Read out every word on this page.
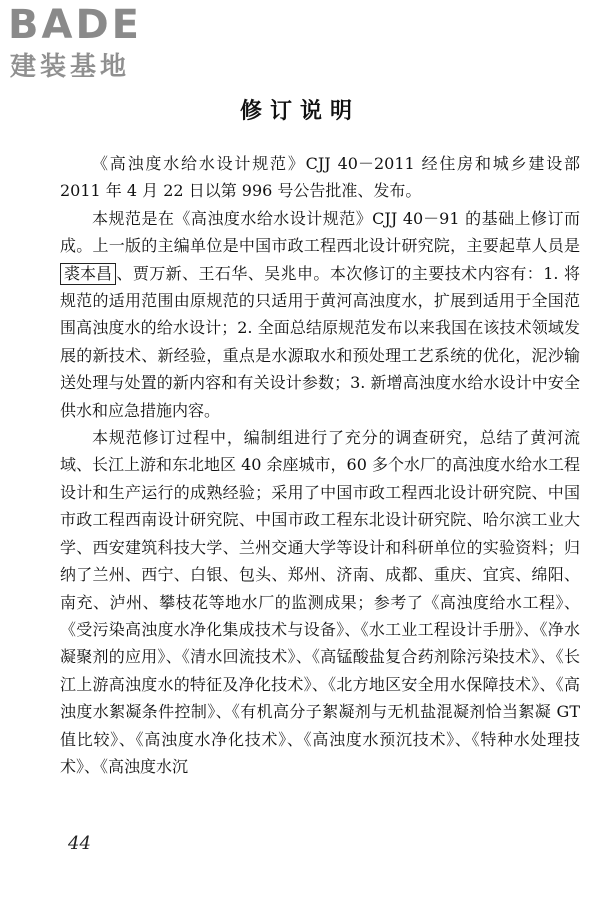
BADE
建装基地
修订说明

《高浊度水给水设计规范》CJJ 40－2011 经住房和城乡建设部 2011 年 4 月 22 日以第 996 号公告批准、发布。

本规范是在《高浊度水给水设计规范》CJJ 40－91 的基础上修订而成。上一版的主编单位是中国市政工程西北设计研究院，主要起草人员是裘本昌 、贾万新、王石华、吴兆申。本次修订的主要技术内容有：1. 将规范的适用范围由原规范的只适用于黄河高浊度水，扩展到适用于全国范围高浊度水的给水设计；2. 全面总结原规范发布以来我国在该技术领域发展的新技术、新经验，重点是水源取水和预处理工艺系统的优化，泥沙输送处理与处置的新内容和有关设计参数；3. 新增高浊度水给水设计中安全供水和应急措施内容。

本规范修订过程中，编制组进行了充分的调查研究，总结了黄河流域、长江上游和东北地区 40 余座城市，60 多个水厂的高浊度水给水工程设计和生产运行的成熟经验；采用了中国市政工程西北设计研究院、中国市政工程西南设计研究院、中国市政工程东北设计研究院、哈尔滨工业大学、西安建筑科技大学、兰州交通大学等设计和科研单位的实验资料；归纳了兰州、西宁、白银、包头、郑州、济南、成都、重庆、宜宾、绵阳、南充、泸州、攀枝花等地水厂的监测成果；参考了《高浊度给水工程》、《受污染高浊度水净化集成技术与设备》、《水工业工程设计手册》、《净水凝聚剂的应用》、《清水回流技术》、《高锰酸盐复合药剂除污染技术》、《长江上游高浊度水的特征及净化技术》、《北方地区安全用水保障技术》、《高浊度水絮凝条件控制》、《有机高分子絮凝剂与无机盐混凝剂恰当絮凝 GT 值比较》、《高浊度水净化技术》、《高浊度水预沉技术》、《特种水处理技术》、《高浊度水沉

44
